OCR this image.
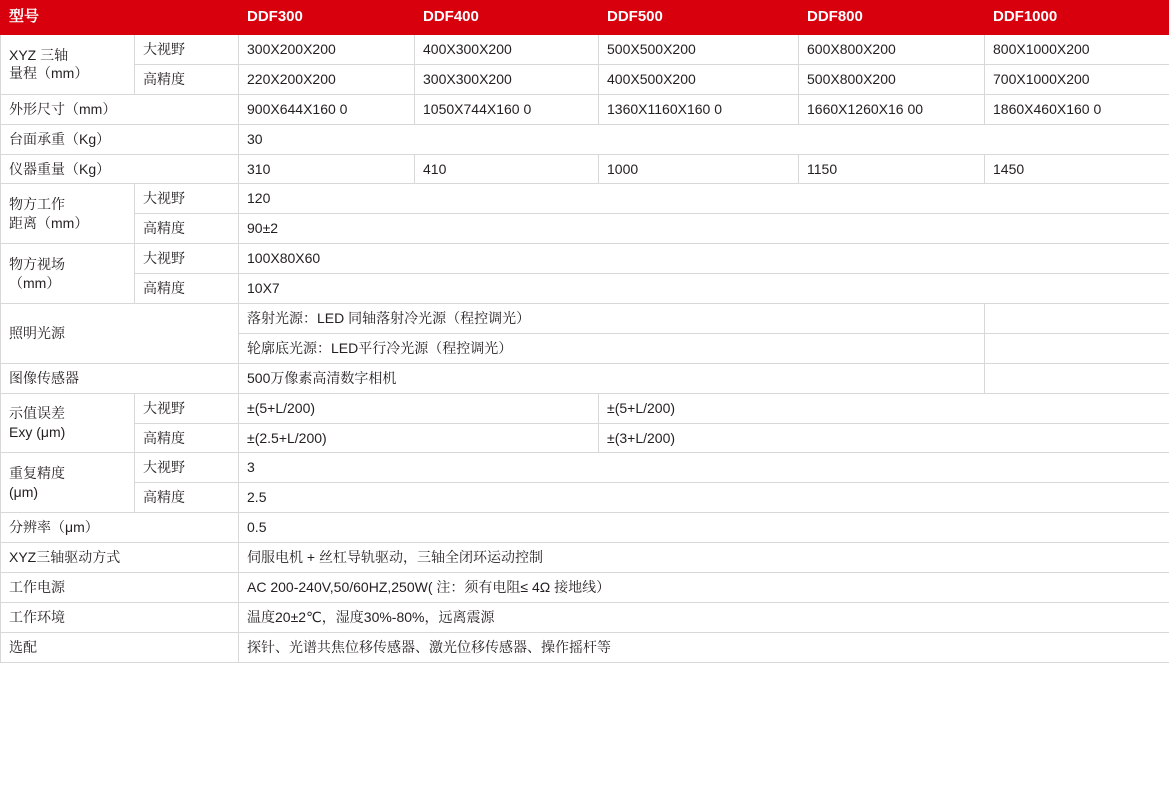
型号		DDF300	DDF400	DDF500	DDF800	DDF1000

XYZ 三轴
量程（mm）	大视野	300X200X200	400X300X200	500X500X200	600X800X200	800X1000X200
	高精度	220X200X200	300X300X200	400X500X200	500X800X200	700X1000X200
外形尺寸（mm）		900X644X160 0	1050X744X160 0	1360X1160X160 0	1660X1260X16 00	1860X460X160 0
台面承重（Kg）		30				
仪器重量（Kg）		310	410	1000	1150	1450

物方工作
距离（mm）	大视野	120				
	高精度	90±2				

物方视场
（mm）	大视野	100X80X60				
	高精度	10X7				
照明光源		落射光源：LED 同轴落射冷光源（程控调光）				
		轮廓底光源：LED平行冷光源（程控调光）				
图像传感器		500万像素高清数字相机				

示值误差
Exy (μm)	大视野	±(5+L/200)		±(5+L/200)		
	高精度	±(2.5+L/200)		±(3+L/200)		

重复精度
(μm)	大视野	3				
	高精度	2.5				
分辨率（μm）		0.5				
XYZ三轴驱动方式		伺服电机 + 丝杠导轨驱动，三轴全闭环运动控制				
工作电源		AC 200-240V,50/60HZ,250W( 注：须有电阻≤ 4Ω 接地线）				
工作环境		温度20±2℃，湿度30%-80%，远离震源				
选配		探针、光谱共焦位移传感器、激光位移传感器、操作摇杆等				
